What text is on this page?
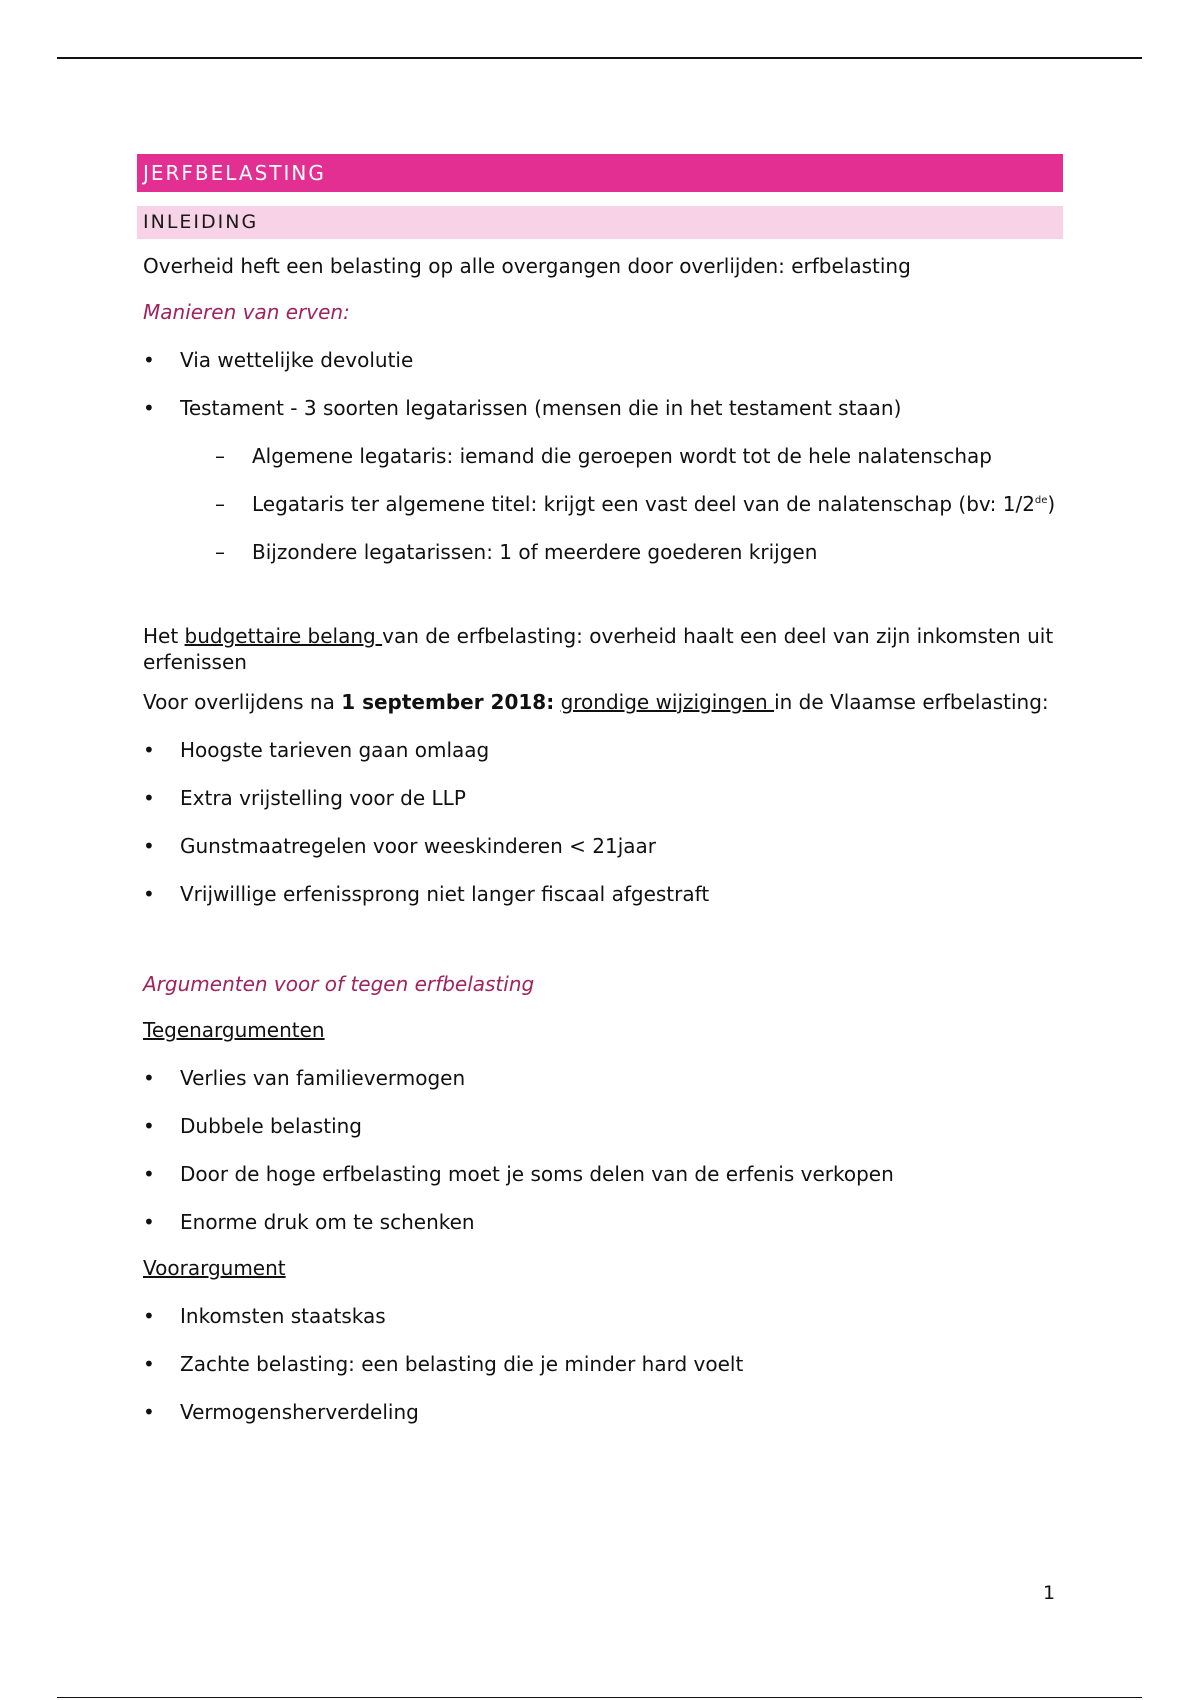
JERFBELASTING
INLEIDING
Overheid heft een belasting op alle overgangen door overlijden: erfbelasting
Manieren van erven:
• Via wettelijke devolutie
• Testament - 3 soorten legatarissen (mensen die in het testament staan)
– Algemene legataris: iemand die geroepen wordt tot de hele nalatenschap
– Legataris ter algemene titel: krijgt een vast deel van de nalatenschap (bv: 1/2de)
– Bijzondere legatarissen: 1 of meerdere goederen krijgen
Het budgettaire belang van de erfbelasting: overheid haalt een deel van zijn inkomsten uit erfenissen
Voor overlijdens na 1 september 2018: grondige wijzigingen in de Vlaamse erfbelasting:
• Hoogste tarieven gaan omlaag
• Extra vrijstelling voor de LLP
• Gunstmaatregelen voor weeskinderen < 21jaar
• Vrijwillige erfenissprong niet langer fiscaal afgestraft
Argumenten voor of tegen erfbelasting
Tegenargumenten
• Verlies van familievermogen
• Dubbele belasting
• Door de hoge erfbelasting moet je soms delen van de erfenis verkopen
• Enorme druk om te schenken
Voorargument
• Inkomsten staatskas
• Zachte belasting: een belasting die je minder hard voelt
• Vermogensherverdeling
1
